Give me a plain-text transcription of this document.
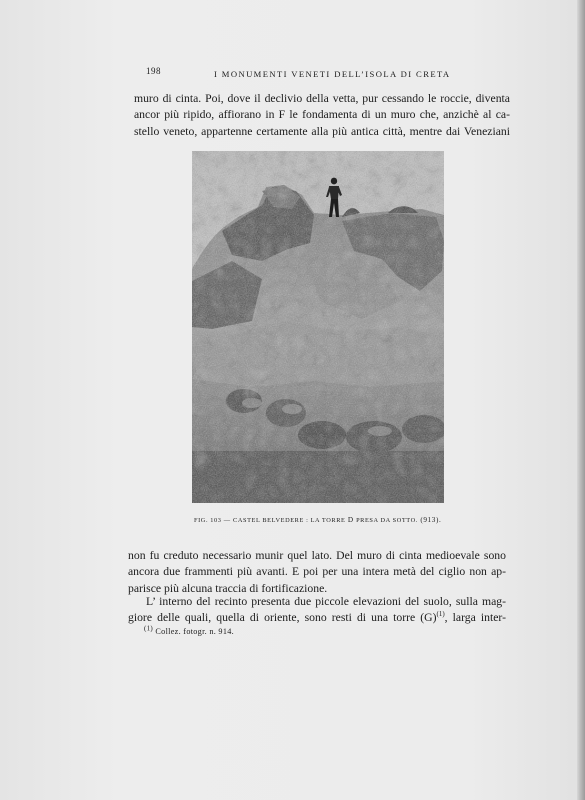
198	I MONUMENTI VENETI DELL’ISOLA DI CRETA
muro di cinta. Poi, dove il declivio della vetta, pur cessando le roccie, diventa
ancor più ripido, affiorano in F le fondamenta di un muro che, anzichè al ca-
stello veneto, appartenne certamente alla più antica città, mentre dai Veneziani
FIG. 103 — CASTEL BELVEDERE : LA TORRE D PRESA DA SOTTO. (913).
non fu creduto necessario munir quel lato. Del muro di cinta medioevale sono
ancora due frammenti più avanti. E poi per una intera metà del ciglio non ap-
parisce più alcuna traccia di fortificazione.
L’ interno del recinto presenta due piccole elevazioni del suolo, sulla mag-
giore delle quali, quella di oriente, sono resti di una torre $(G)^{(1)}$, larga inter-
$^{(1)}$ Collez. fotogr. n. 914.
